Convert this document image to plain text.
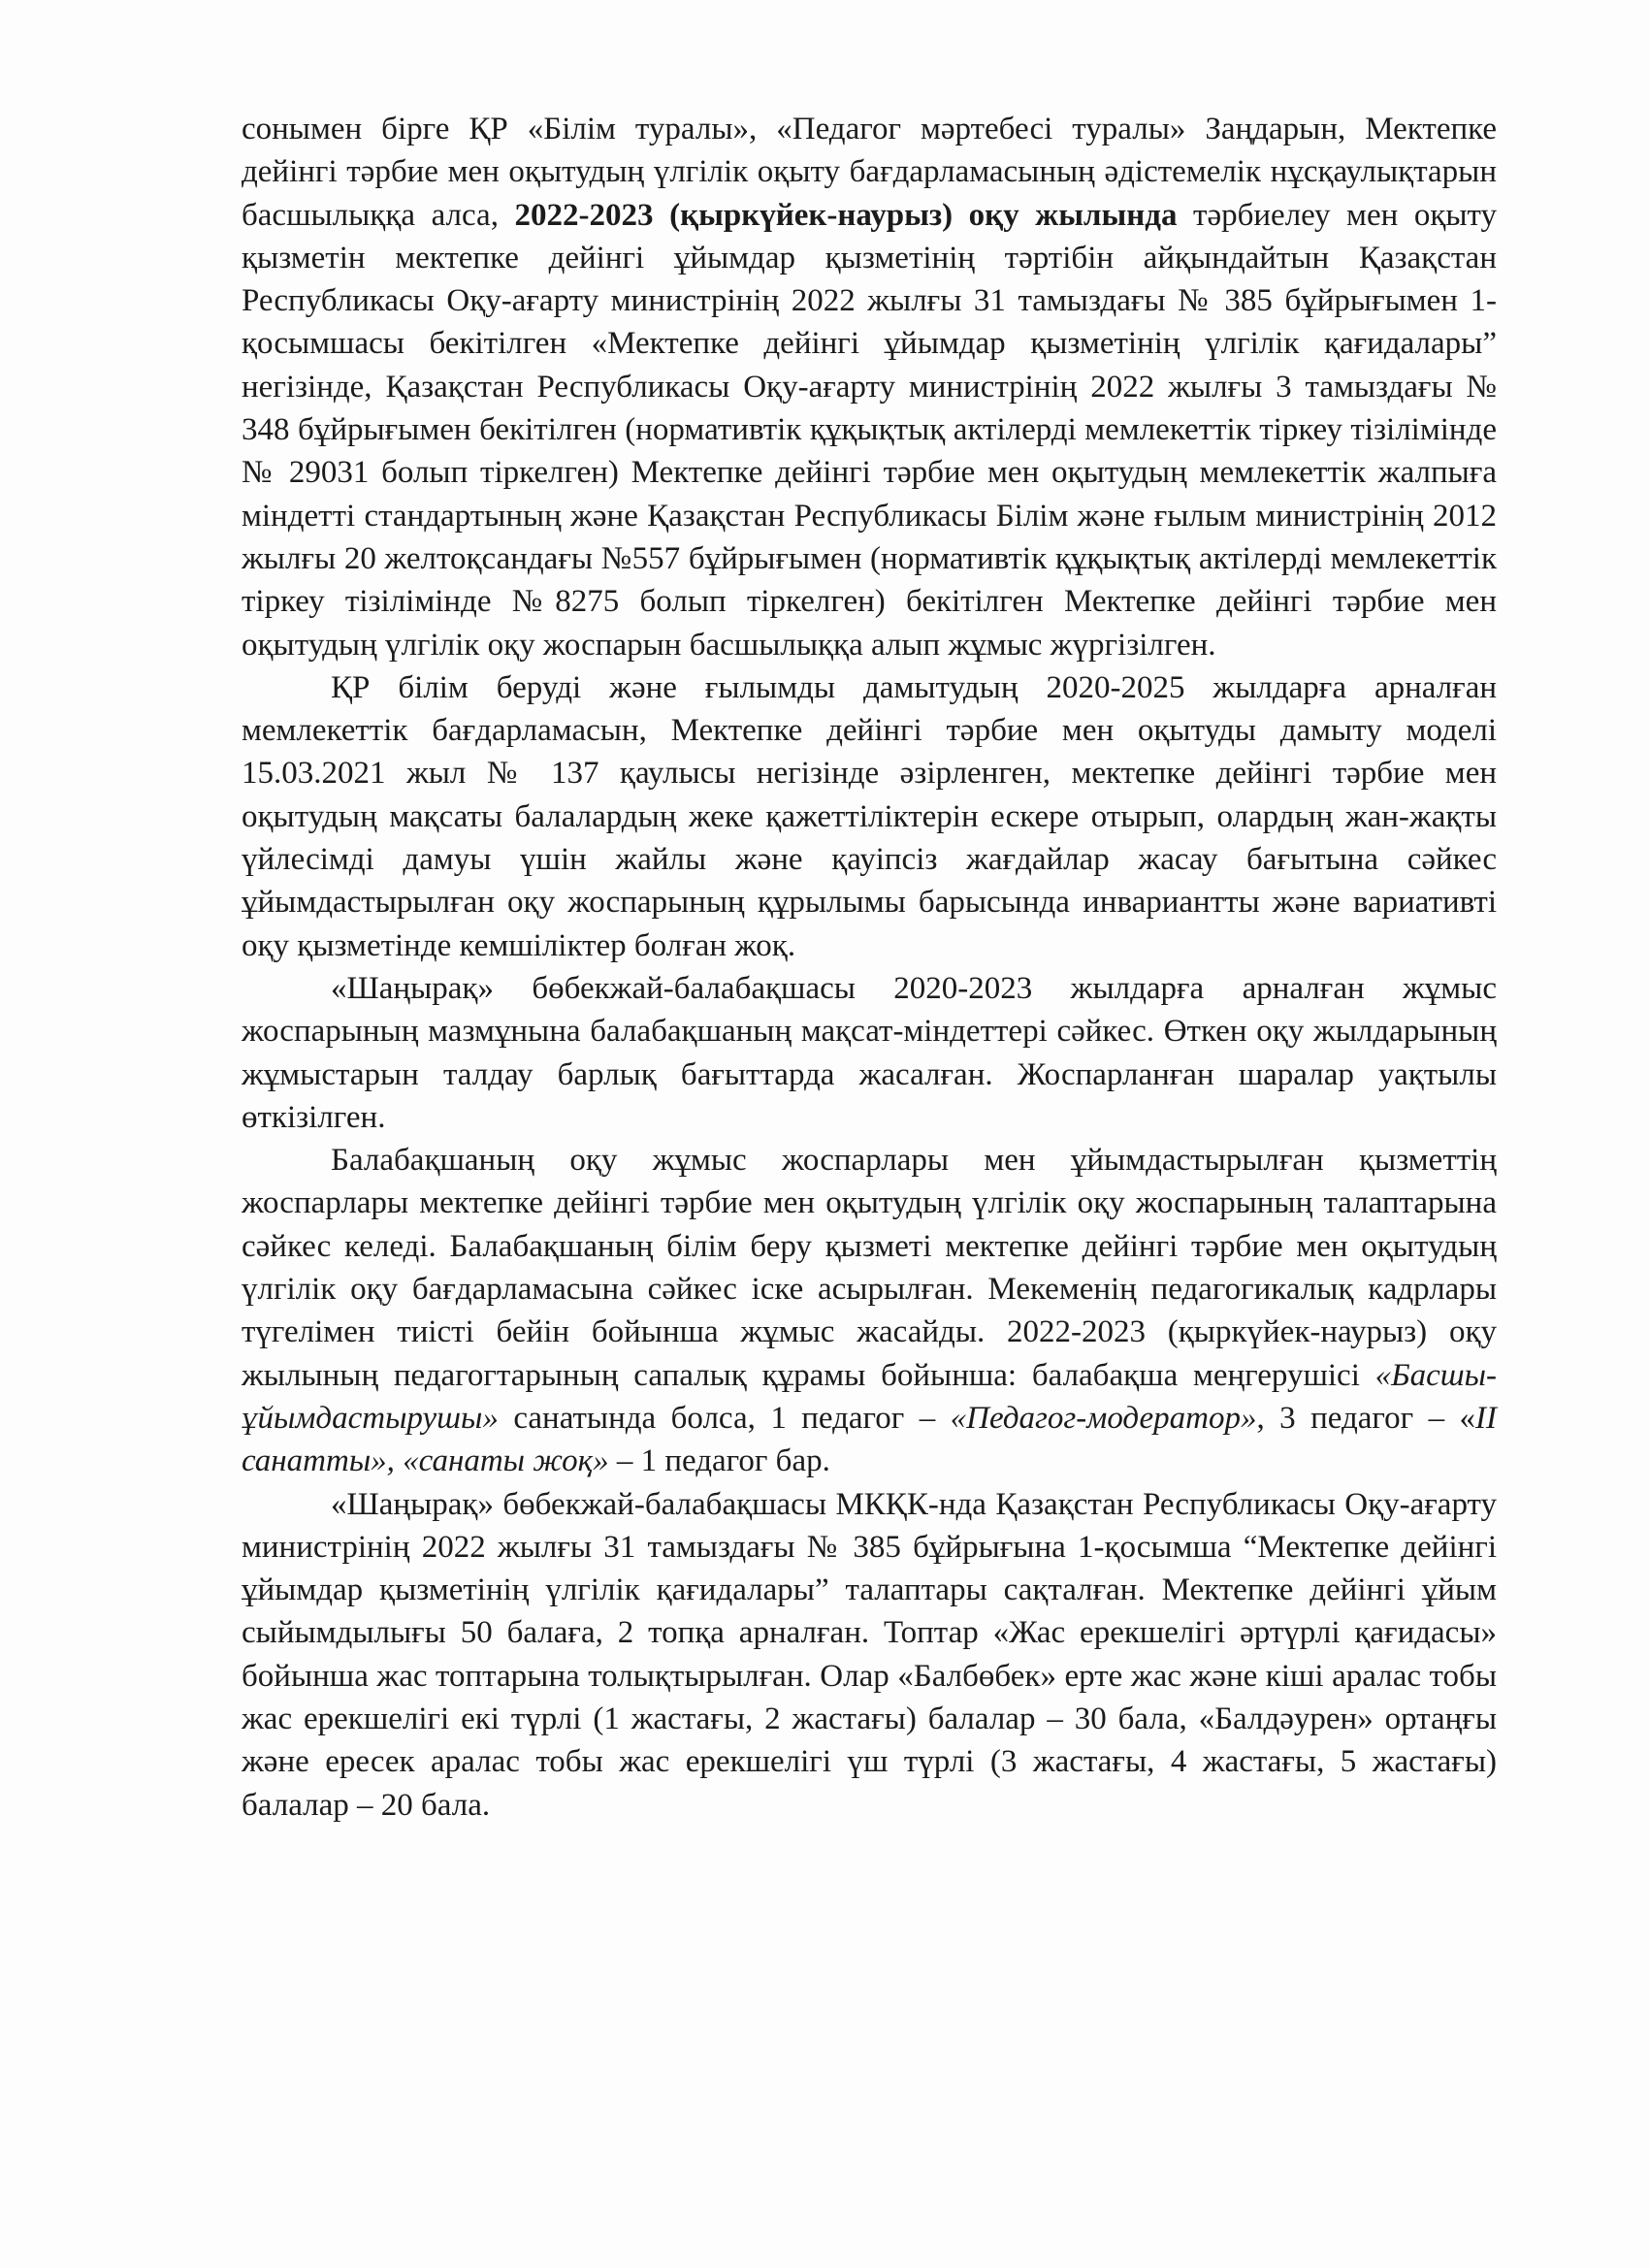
сонымен бірге ҚР «Білім туралы», «Педагог мәртебесі туралы» Заңдарын, Мектепке дейінгі тәрбие мен оқытудың үлгілік оқыту бағдарламасының әдістемелік нұсқаулықтарын басшылыққа алса, 2022-2023 (қыркүйек-наурыз) оқу жылында тәрбиелеу мен оқыту қызметін мектепке дейінгі ұйымдар қызметінің тәртібін айқындайтын Қазақстан Республикасы Оқу-ағарту министрінің 2022 жылғы 31 тамыздағы № 385 бұйрығымен 1-қосымшасы бекітілген «Мектепке дейінгі ұйымдар қызметінің үлгілік қағидалары” негізінде, Қазақстан Республикасы Оқу-ағарту министрінің 2022 жылғы 3 тамыздағы № 348 бұйрығымен бекітілген (нормативтік құқықтық актілерді мемлекеттік тіркеу тізілімінде № 29031 болып тіркелген) Мектепке дейінгі тәрбие мен оқытудың мемлекеттік жалпыға міндетті стандартының және Қазақстан Республикасы Білім және ғылым министрінің 2012 жылғы 20 желтоқсандағы №557 бұйрығымен (нормативтік құқықтық актілерді мемлекеттік тіркеу тізілімінде №8275 болып тіркелген) бекітілген Мектепке дейінгі тәрбие мен оқытудың үлгілік оқу жоспарын басшылыққа алып жұмыс жүргізілген.

ҚР білім беруді және ғылымды дамытудың 2020-2025 жылдарға арналған мемлекеттік бағдарламасын, Мектепке дейінгі тәрбие мен оқытуды дамыту моделі 15.03.2021 жыл № 137 қаулысы негізінде әзірленген, мектепке дейінгі тәрбие мен оқытудың мақсаты балалардың жеке қажеттіліктерін ескере отырып, олардың жан-жақты үйлесімді дамуы үшін жайлы және қауіпсіз жағдайлар жасау бағытына сәйкес ұйымдастырылған оқу жоспарының құрылымы барысында инвариантты және вариативті оқу қызметінде кемшіліктер болған жоқ.

«Шаңырақ» бөбекжай-балабақшасы 2020-2023 жылдарға арналған жұмыс жоспарының мазмұнына балабақшаның мақсат-міндеттері сәйкес. Өткен оқу жылдарының жұмыстарын талдау барлық бағыттарда жасалған. Жоспарланған шаралар уақтылы өткізілген.

Балабақшаның оқу жұмыс жоспарлары мен ұйымдастырылған қызметтің жоспарлары мектепке дейінгі тәрбие мен оқытудың үлгілік оқу жоспарының талаптарына сәйкес келеді. Балабақшаның білім беру қызметі мектепке дейінгі тәрбие мен оқытудың үлгілік оқу бағдарламасына сәйкес іске асырылған. Мекеменің педагогикалық кадрлары түгелімен тиісті бейін бойынша жұмыс жасайды. 2022-2023 (қыркүйек-наурыз) оқу жылының педагогтарының сапалық құрамы бойынша: балабақша меңгерушісі «Басшы-ұйымдастырушы» санатында болса, 1 педагог – «Педагог-модератор», 3 педагог – «ІІ санатты», «санаты жоқ» – 1 педагог бар.

«Шаңырақ» бөбекжай-балабақшасы МКҚК-нда Қазақстан Республикасы Оқу-ағарту министрінің 2022 жылғы 31 тамыздағы № 385 бұйрығына 1-қосымша “Мектепке дейінгі ұйымдар қызметінің үлгілік қағидалары” талаптары сақталған. Мектепке дейінгі ұйым сыйымдылығы 50 балаға, 2 топқа арналған. Топтар «Жас ерекшелігі әртүрлі қағидасы» бойынша жас топтарына толықтырылған. Олар «Балбөбек» ерте жас және кіші аралас тобы жас ерекшелігі екі түрлі (1 жастағы, 2 жастағы) балалар – 30 бала, «Балдәурен» ортаңғы және ересек аралас тобы жас ерекшелігі үш түрлі (3 жастағы, 4 жастағы, 5 жастағы) балалар – 20 бала.
